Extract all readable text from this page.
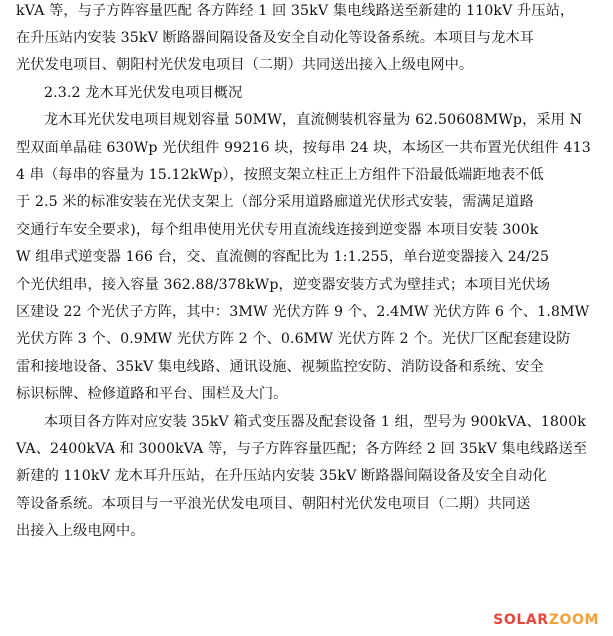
kVA 等，与子方阵容量匹配 各方阵经 1 回 35kV 集电线路送至新建的 110kV 升压站，
在升压站内安装 35kV 断路器间隔设备及安全自动化等设备系统。本项目与龙木耳
光伏发电项目、朝阳村光伏发电项目（二期）共同送出接入上级电网中。
2.3.2 龙木耳光伏发电项目概况
龙木耳光伏发电项目规划容量 50MW，直流侧装机容量为 62.50608MWp，采用 N
型双面单晶硅 630Wp 光伏组件 99216 块，按每串 24 块，本场区一共布置光伏组件 413
4 串（每串的容量为 15.12kWp），按照支架立柱正上方组件下沿最低端距地表不低
于 2.5 米的标准安装在光伏支架上（部分采用道路廊道光伏形式安装，需满足道路
交通行车安全要求)，每个组串使用光伏专用直流线连接到逆变器 本项目安装 300k
W 组串式逆变器 166 台，交、直流侧的容配比为 1:1.255，单台逆变器接入 24/25
个光伏组串，接入容量 362.88/378kWp，逆变器安装方式为壁挂式；本项目光伏场
区建设 22 个光伏子方阵，其中：3MW 光伏方阵 9 个、2.4MW 光伏方阵 6 个、1.8MW
光伏方阵 3 个、0.9MW 光伏方阵 2 个、0.6MW 光伏方阵 2 个。光伏厂区配套建设防
雷和接地设备、35kV 集电线路、通讯设施、视频监控安防、消防设备和系统、安全
标识标牌、检修道路和平台、围栏及大门。
本项目各方阵对应安装 35kV 箱式变压器及配套设备 1 组，型号为 900kVA、1800k
VA、2400kVA 和 3000kVA 等，与子方阵容量匹配；各方阵经 2 回 35kV 集电线路送至
新建的 110kV 龙木耳升压站，在升压站内安装 35kV 断路器间隔设备及安全自动化
等设备系统。本项目与一平浪光伏发电项目、朝阳村光伏发电项目（二期）共同送
出接入上级电网中。
SOLARZOOM
